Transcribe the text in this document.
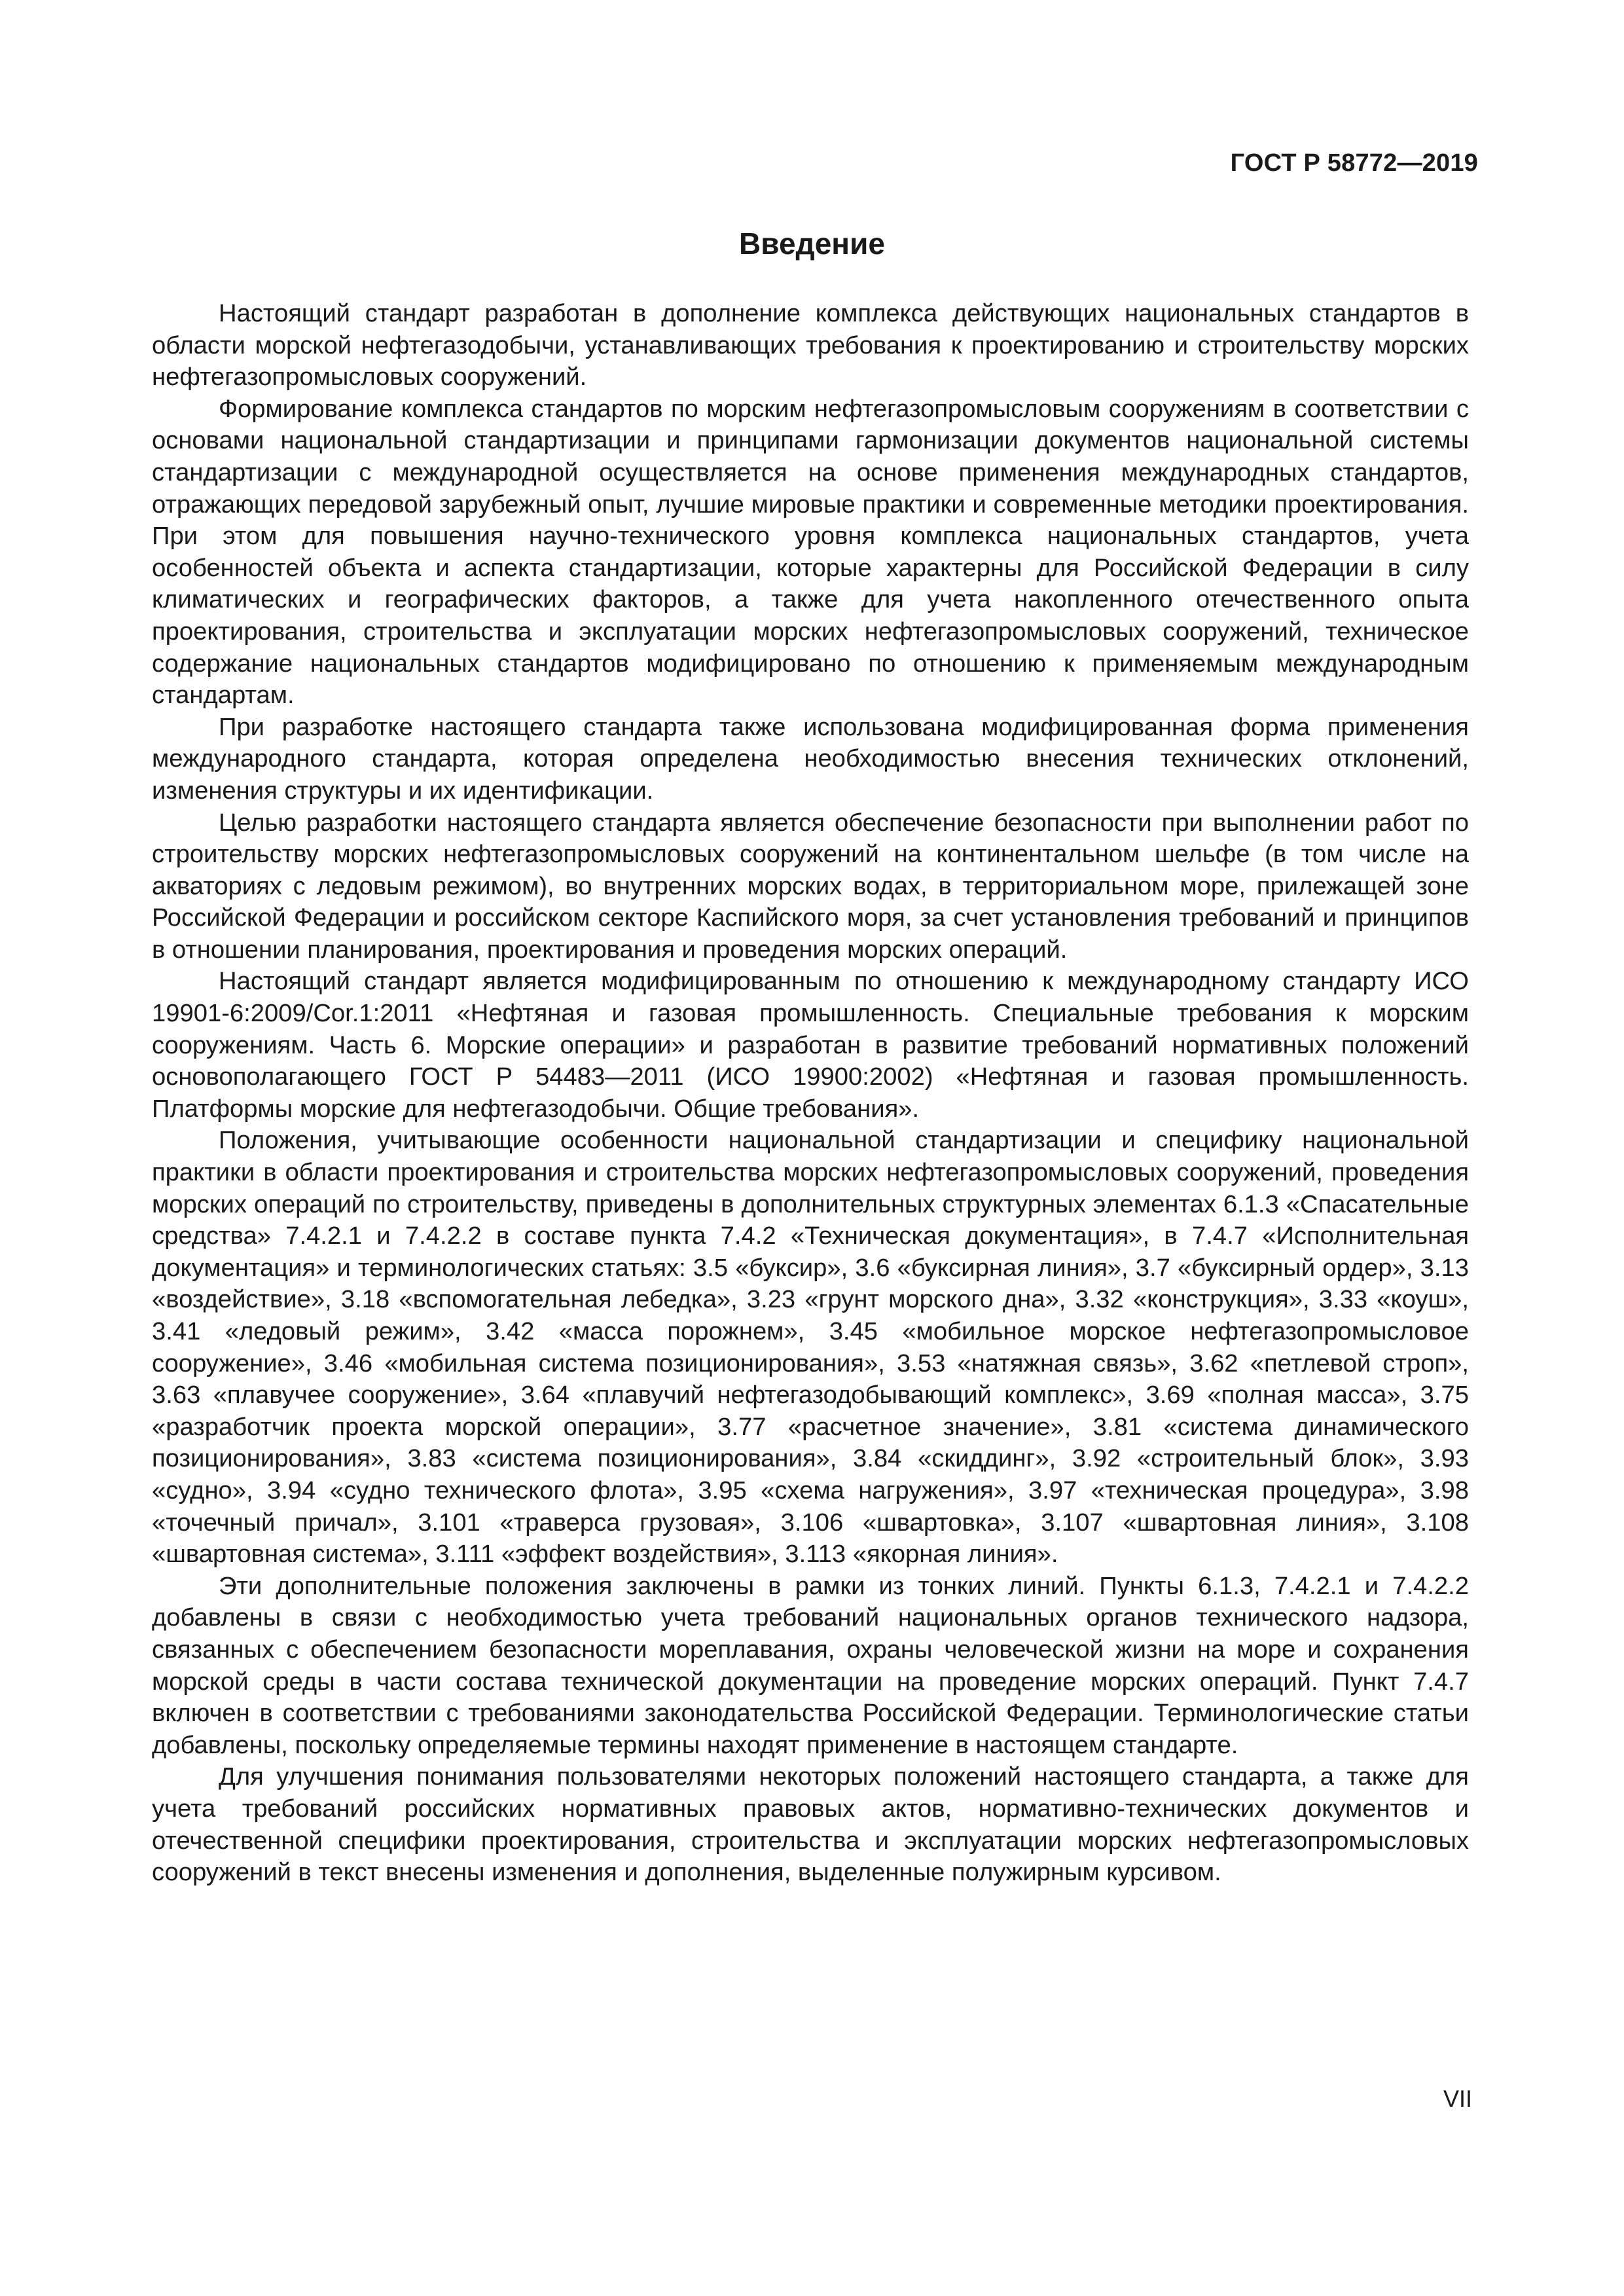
ГОСТ Р 58772—2019
Введение

Настоящий стандарт разработан в дополнение комплекса действующих национальных стандартов в области морской нефтегазодобычи, устанавливающих требования к проектированию и строительству морских нефтегазопромысловых сооружений.

Формирование комплекса стандартов по морским нефтегазопромысловым сооружениям в соответствии с основами национальной стандартизации и принципами гармонизации документов национальной системы стандартизации с международной осуществляется на основе применения международных стандартов, отражающих передовой зарубежный опыт, лучшие мировые практики и современные методики проектирования. При этом для повышения научно-технического уровня комплекса национальных стандартов, учета особенностей объекта и аспекта стандартизации, которые характерны для Российской Федерации в силу климатических и географических факторов, а также для учета накопленного отечественного опыта проектирования, строительства и эксплуатации морских нефтегазопромысловых сооружений, техническое содержание национальных стандартов модифицировано по отношению к применяемым международным стандартам.

При разработке настоящего стандарта также использована модифицированная форма применения международного стандарта, которая определена необходимостью внесения технических отклонений, изменения структуры и их идентификации.

Целью разработки настоящего стандарта является обеспечение безопасности при выполнении работ по строительству морских нефтегазопромысловых сооружений на континентальном шельфе (в том числе на акваториях с ледовым режимом), во внутренних морских водах, в территориальном море, прилежащей зоне Российской Федерации и российском секторе Каспийского моря, за счет установления требований и принципов в отношении планирования, проектирования и проведения морских операций.

Настоящий стандарт является модифицированным по отношению к международному стандарту ИСО 19901-6:2009/Cor.1:2011 «Нефтяная и газовая промышленность. Специальные требования к морским сооружениям. Часть 6. Морские операции» и разработан в развитие требований нормативных положений основополагающего ГОСТ Р 54483—2011 (ИСО 19900:2002) «Нефтяная и газовая промышленность. Платформы морские для нефтегазодобычи. Общие требования».

Положения, учитывающие особенности национальной стандартизации и специфику национальной практики в области проектирования и строительства морских нефтегазопромысловых сооружений, проведения морских операций по строительству, приведены в дополнительных структурных элементах 6.1.3 «Спасательные средства» 7.4.2.1 и 7.4.2.2 в составе пункта 7.4.2 «Техническая документация», в 7.4.7 «Исполнительная документация» и терминологических статьях: 3.5 «буксир», 3.6 «буксирная линия», 3.7 «буксирный ордер», 3.13 «воздействие», 3.18 «вспомогательная лебедка», 3.23 «грунт морского дна», 3.32 «конструкция», 3.33 «коуш», 3.41 «ледовый режим», 3.42 «масса порожнем», 3.45 «мобильное морское нефтегазопромысловое сооружение», 3.46 «мобильная система позиционирования», 3.53 «натяжная связь», 3.62 «петлевой строп», 3.63 «плавучее сооружение», 3.64 «плавучий нефтегазодобывающий комплекс», 3.69 «полная масса», 3.75 «разработчик проекта морской операции», 3.77 «расчетное значение», 3.81 «система динамического позиционирования», 3.83 «система позиционирования», 3.84 «скиддинг», 3.92 «строительный блок», 3.93 «судно», 3.94 «судно технического флота», 3.95 «схема нагружения», 3.97 «техническая процедура», 3.98 «точечный причал», 3.101 «траверса грузовая», 3.106 «швартовка», 3.107 «швартовная линия», 3.108 «швартовная система», 3.111 «эффект воздействия», 3.113 «якорная линия».

Эти дополнительные положения заключены в рамки из тонких линий. Пункты 6.1.3, 7.4.2.1 и 7.4.2.2 добавлены в связи с необходимостью учета требований национальных органов технического надзора, связанных с обеспечением безопасности мореплавания, охраны человеческой жизни на море и сохранения морской среды в части состава технической документации на проведение морских операций. Пункт 7.4.7 включен в соответствии с требованиями законодательства Российской Федерации. Терминологические статьи добавлены, поскольку определяемые термины находят применение в настоящем стандарте.

Для улучшения понимания пользователями некоторых положений настоящего стандарта, а также для учета требований российских нормативных правовых актов, нормативно-технических документов и отечественной специфики проектирования, строительства и эксплуатации морских нефтегазопромысловых сооружений в текст внесены изменения и дополнения, выделенные полужирным курсивом.

VII
